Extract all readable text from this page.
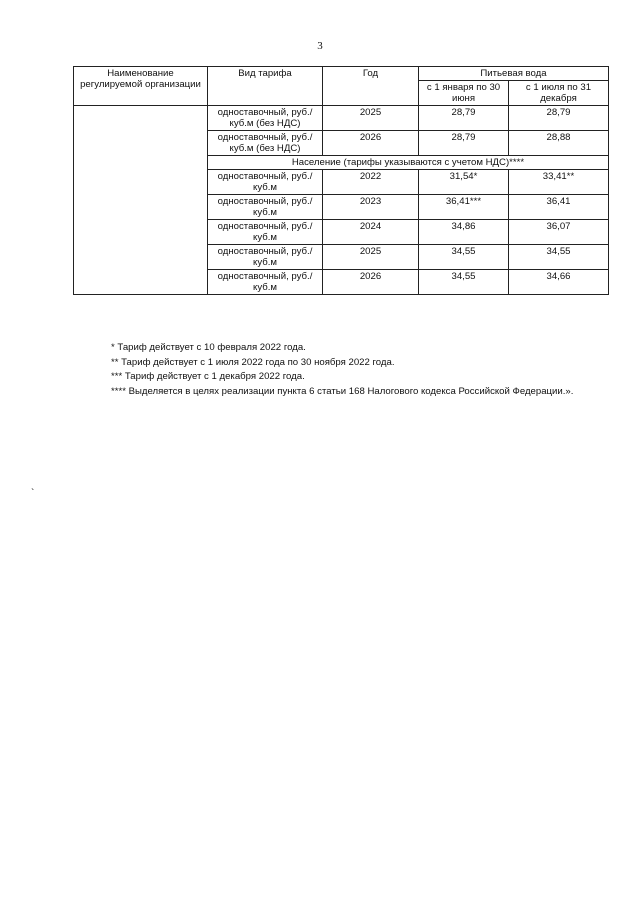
3
Наименование регулируемой организации	Вид тарифа	Год	Питьевая вода	
			с 1 января по 30 июня	с 1 июля по 31 декабря
	одноставочный, руб./куб.м (без НДС)	2025	28,79	28,79
	одноставочный, руб./куб.м (без НДС)	2026	28,79	28,88
	Население (тарифы указываются с учетом НДС)****			
	одноставочный, руб./куб.м	2022	31,54*	33,41**
	одноставочный, руб./куб.м	2023	36,41***	36,41
	одноставочный, руб./куб.м	2024	34,86	36,07
	одноставочный, руб./куб.м	2025	34,55	34,55
	одноставочный, руб./куб.м	2026	34,55	34,66

* Тариф действует с 10 февраля 2022 года.

** Тариф действует с 1 июля 2022 года по 30 ноября 2022 года.

*** Тариф действует с 1 декабря 2022 года.

**** Выделяется в целях реализации пункта 6 статьи 168 Налогового кодекса Российской Федерации.».

`
